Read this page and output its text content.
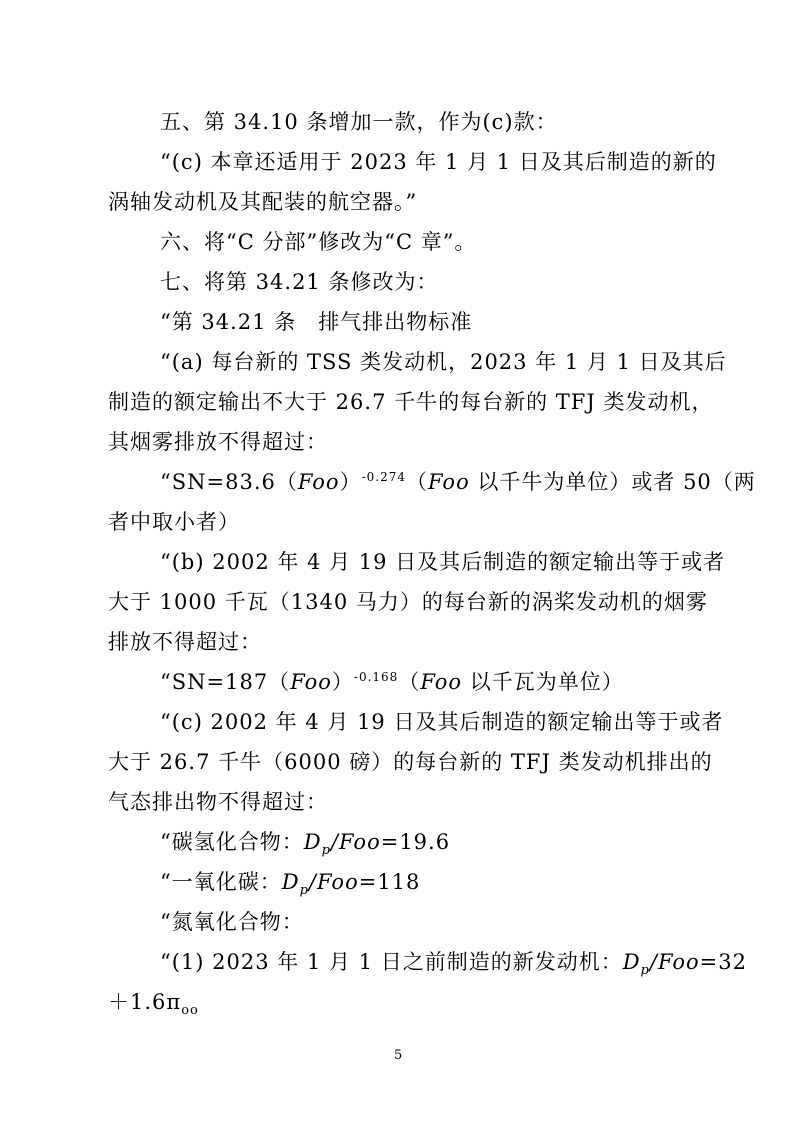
五、第 34.10 条增加一款，作为(c)款：
“(c) 本章还适用于 2023 年 1 月 1 日及其后制造的新的
涡轴发动机及其配装的航空器。”
六、将“C 分部”修改为“C 章”。
七、将第 34.21 条修改为：
“第 34.21 条　排气排出物标准
“(a) 每台新的 TSS 类发动机，2023 年 1 月 1 日及其后
制造的额定输出不大于 26.7 千牛的每台新的 TFJ 类发动机，
其烟雾排放不得超过：
“SN=83.6（Foo）$^{-0.274}$（Foo 以千牛为单位）或者 50（两
者中取小者）
“(b) 2002 年 4 月 19 日及其后制造的额定输出等于或者
大于 1000 千瓦（1340 马力）的每台新的涡桨发动机的烟雾
排放不得超过：
“SN=187（Foo）$^{-0.168}$（Foo 以千瓦为单位）
“(c) 2002 年 4 月 19 日及其后制造的额定输出等于或者
大于 26.7 千牛（6000 磅）的每台新的 TFJ 类发动机排出的
气态排出物不得超过：
“碳氢化合物：$D_p/Foo=19.6$
“一氧化碳：$D_p/Foo=118$
“氮氧化合物：
“(1) 2023 年 1 月 1 日之前制造的新发动机：$D_p/Foo=32$
$+1.6\pi_{oo}$
5
